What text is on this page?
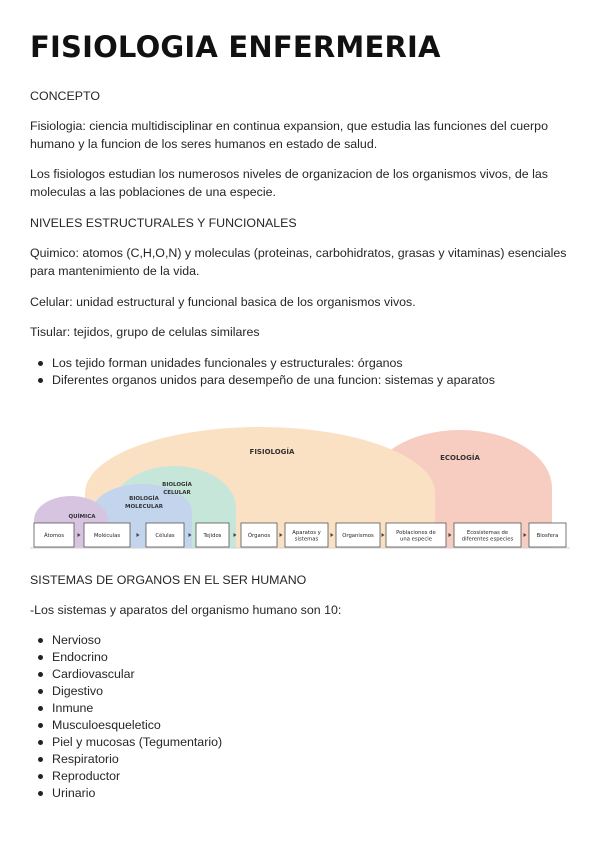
FISIOLOGIA ENFERMERIA

CONCEPTO

Fisiologia: ciencia multidisciplinar en continua expansion, que estudia las funciones del cuerpo humano y la funcion de los seres humanos en estado de salud.

Los fisiologos estudian los numerosos niveles de organizacion de los organismos vivos, de las moleculas a las poblaciones de una especie.

NIVELES ESTRUCTURALES Y FUNCIONALES

Quimico: atomos (C,H,O,N) y moleculas (proteinas, carbohidratos, grasas y vitaminas) esenciales para mantenimiento de la vida.

Celular: unidad estructural y funcional basica de los organismos vivos.

Tisular: tejidos, grupo de celulas similares

Los tejido forman unidades funcionales y estructurales: órganos
Diferentes organos unidos para desempeño de una funcion: sistemas y aparatos
FISIOLOGÍA
ECOLOGÍA
BIOLOGÍA CELULAR
BIOLOGÍA MOLECULAR
QUÍMICA
Átomos	Moléculas	Células	Tejidos	Órganos	Aparatos y sistemas
Organismos	Poblaciones de una especie
Ecosistemas de diferentes especies
Biosfera

SISTEMAS DE ORGANOS EN EL SER HUMANO

-Los sistemas y aparatos del organismo humano son 10:

Nervioso
Endocrino
Cardiovascular
Digestivo
Inmune
Musculoesqueletico
Piel y mucosas (Tegumentario)
Respiratorio
Reproductor
Urinario
